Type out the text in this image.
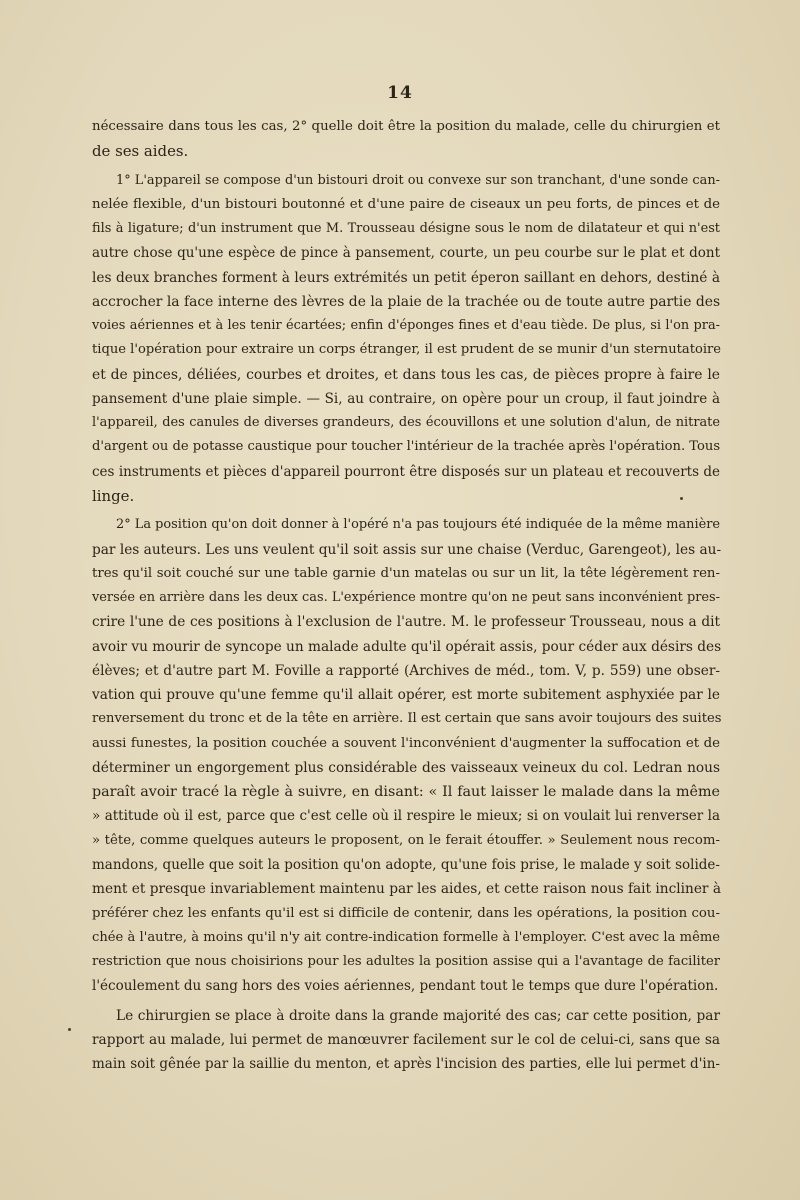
14
nécessaire dans tous les cas, 2° quelle doit être la position du malade, celle du chirurgien et
de ses aides.
1° L'appareil se compose d'un bistouri droit ou convexe sur son tranchant, d'une sonde can-
nelée flexible, d'un bistouri boutonné et d'une paire de ciseaux un peu forts, de pinces et de
fils à ligature; d'un instrument que M. Trousseau désigne sous le nom de dilatateur et qui n'est
autre chose qu'une espèce de pince à pansement, courte, un peu courbe sur le plat et dont
les deux branches forment à leurs extrémités un petit éperon saillant en dehors, destiné à
accrocher la face interne des lèvres de la plaie de la trachée ou de toute autre partie des
voies aériennes et à les tenir écartées; enfin d'éponges fines et d'eau tiède. De plus, si l'on pra-
tique l'opération pour extraire un corps étranger, il est prudent de se munir d'un sternutatoire
et de pinces, déliées, courbes et droites, et dans tous les cas, de pièces propre à faire le
pansement d'une plaie simple. — Si, au contraire, on opère pour un croup, il faut joindre à
l'appareil, des canules de diverses grandeurs, des écouvillons et une solution d'alun, de nitrate
d'argent ou de potasse caustique pour toucher l'intérieur de la trachée après l'opération. Tous
ces instruments et pièces d'appareil pourront être disposés sur un plateau et recouverts de
linge.
2° La position qu'on doit donner à l'opéré n'a pas toujours été indiquée de la même manière
par les auteurs. Les uns veulent qu'il soit assis sur une chaise (Verduc, Garengeot), les au-
tres qu'il soit couché sur une table garnie d'un matelas ou sur un lit, la tête légèrement ren-
versée en arrière dans les deux cas. L'expérience montre qu'on ne peut sans inconvénient pres-
crire l'une de ces positions à l'exclusion de l'autre. M. le professeur Trousseau, nous a dit
avoir vu mourir de syncope un malade adulte qu'il opérait assis, pour céder aux désirs des
élèves; et d'autre part M. Foville a rapporté (Archives de méd., tom. V, p. 559) une obser-
vation qui prouve qu'une femme qu'il allait opérer, est morte subitement asphyxiée par le
renversement du tronc et de la tête en arrière. Il est certain que sans avoir toujours des suites
aussi funestes, la position couchée a souvent l'inconvénient d'augmenter la suffocation et de
déterminer un engorgement plus considérable des vaisseaux veineux du col. Ledran nous
paraît avoir tracé la règle à suivre, en disant: « Il faut laisser le malade dans la même
» attitude où il est, parce que c'est celle où il respire le mieux; si on voulait lui renverser la
» tête, comme quelques auteurs le proposent, on le ferait étouffer. » Seulement nous recom-
mandons, quelle que soit la position qu'on adopte, qu'une fois prise, le malade y soit solide-
ment et presque invariablement maintenu par les aides, et cette raison nous fait incliner à
préférer chez les enfants qu'il est si difficile de contenir, dans les opérations, la position cou-
chée à l'autre, à moins qu'il n'y ait contre-indication formelle à l'employer. C'est avec la même
restriction que nous choisirions pour les adultes la position assise qui a l'avantage de faciliter
l'écoulement du sang hors des voies aériennes, pendant tout le temps que dure l'opération.
Le chirurgien se place à droite dans la grande majorité des cas; car cette position, par
rapport au malade, lui permet de manœuvrer facilement sur le col de celui-ci, sans que sa
main soit gênée par la saillie du menton, et après l'incision des parties, elle lui permet d'in-
